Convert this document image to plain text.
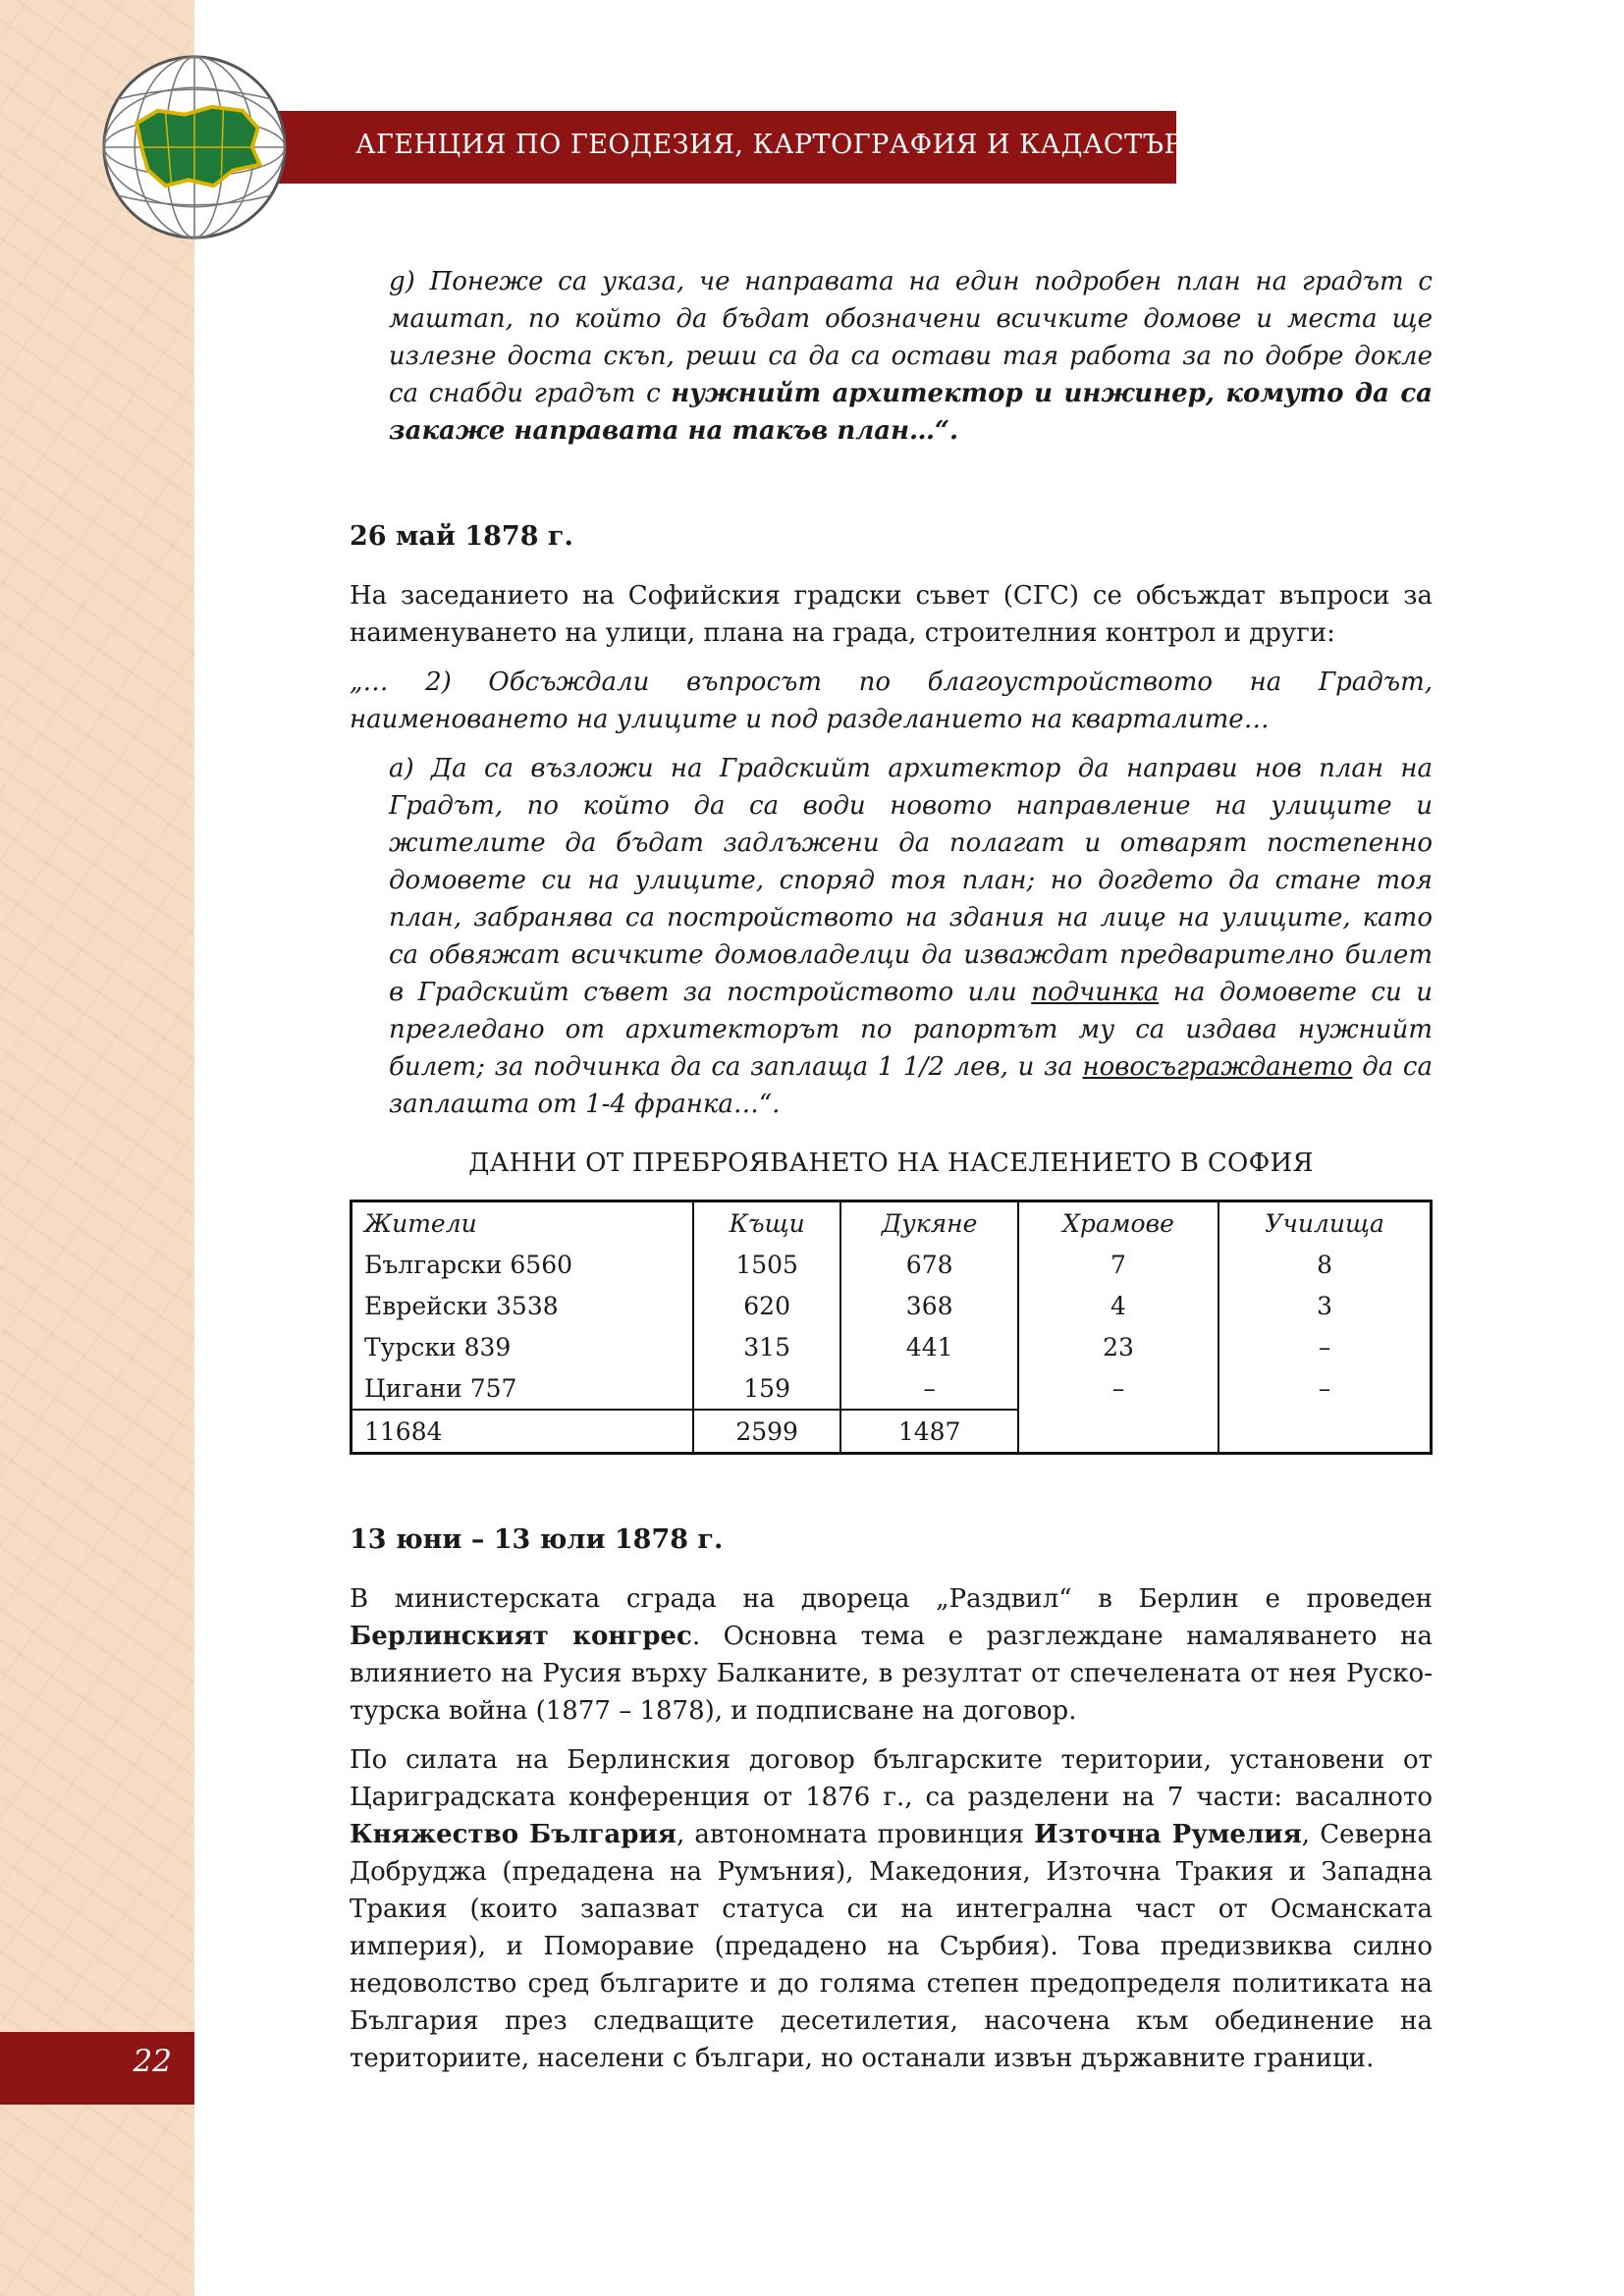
АГЕНЦИЯ ПО ГЕОДЕЗИЯ, КАРТОГРАФИЯ И КАДАСТЪР
22

g) Понеже са указа, че направата на един подробен план на градът с маштап, по който да бъдат обозначени всичките домове и места ще излезне доста скъп, реши са да са остави тая работа за по добре докле са снабди градът с нужнийт архитектор и инжинер, комуто да са закаже направата на такъв план…“.

26 май 1878 г.

На заседанието на Софийския градски съвет (СГС) се обсъждат въпроси за наименуването на улици, плана на града, строителния контрол и други:

„… 2) Обсъждали въпросът по благоустройството на Градът, наименоването на улиците и под разделанието на кварталите…

а) Да са възложи на Градскийт архитектор да направи нов план на Градът, по който да са води новото направление на улиците и жителите да бъдат задлъжени да полагат и отварят постепенно домовете си на улиците, споряд тоя план; но догдето да стане тоя план, забранява са постройството на здания на лице на улиците, като са обвяжат всичките домовладелци да изваждат предварително билет в Градскийт съвет за постройството или подчинка на домовете си и прегледано от архитекторът по рапортът му са издава нужнийт билет; за подчинка да са заплаща 1 1/2 лев, и за новосъграждането да са заплашта от 1-4 франка…“.

ДАННИ ОТ ПРЕБРОЯВАНЕТО НА НАСЕЛЕНИЕТО В СОФИЯ
Жители	Къщи	Дукяне	Храмове	Училища
Български 6560	1505	678	7	8
Еврейски 3538	620	368	4	3
Турски 839	315	441	23	–
Цигани 757	159	–	–	–
11684	2599	1487		

13 юни – 13 юли 1878 г.

В министерската сграда на двореца „Раздвил“ в Берлин е проведен Берлинският конгрес. Основна тема е разглеждане намаляването на влиянието на Русия върху Балканите, в резултат от спечелената от нея Руско-турска война (1877 – 1878), и подписване на договор.

По силата на Берлинския договор българските територии, установени от Цариградската конференция от 1876 г., са разделени на 7 части: васалното Княжество България, автономната провинция Източна Румелия, Северна Добруджа (предадена на Румъния), Македония, Източна Тракия и Западна Тракия (които запазват статуса си на интегрална част от Османската империя), и Поморавие (предадено на Сърбия). Това предизвиква силно недоволство сред българите и до голяма степен предопределя политиката на България през следващите десетилетия, насочена към обединение на териториите, населени с българи, но останали извън държавните граници.
